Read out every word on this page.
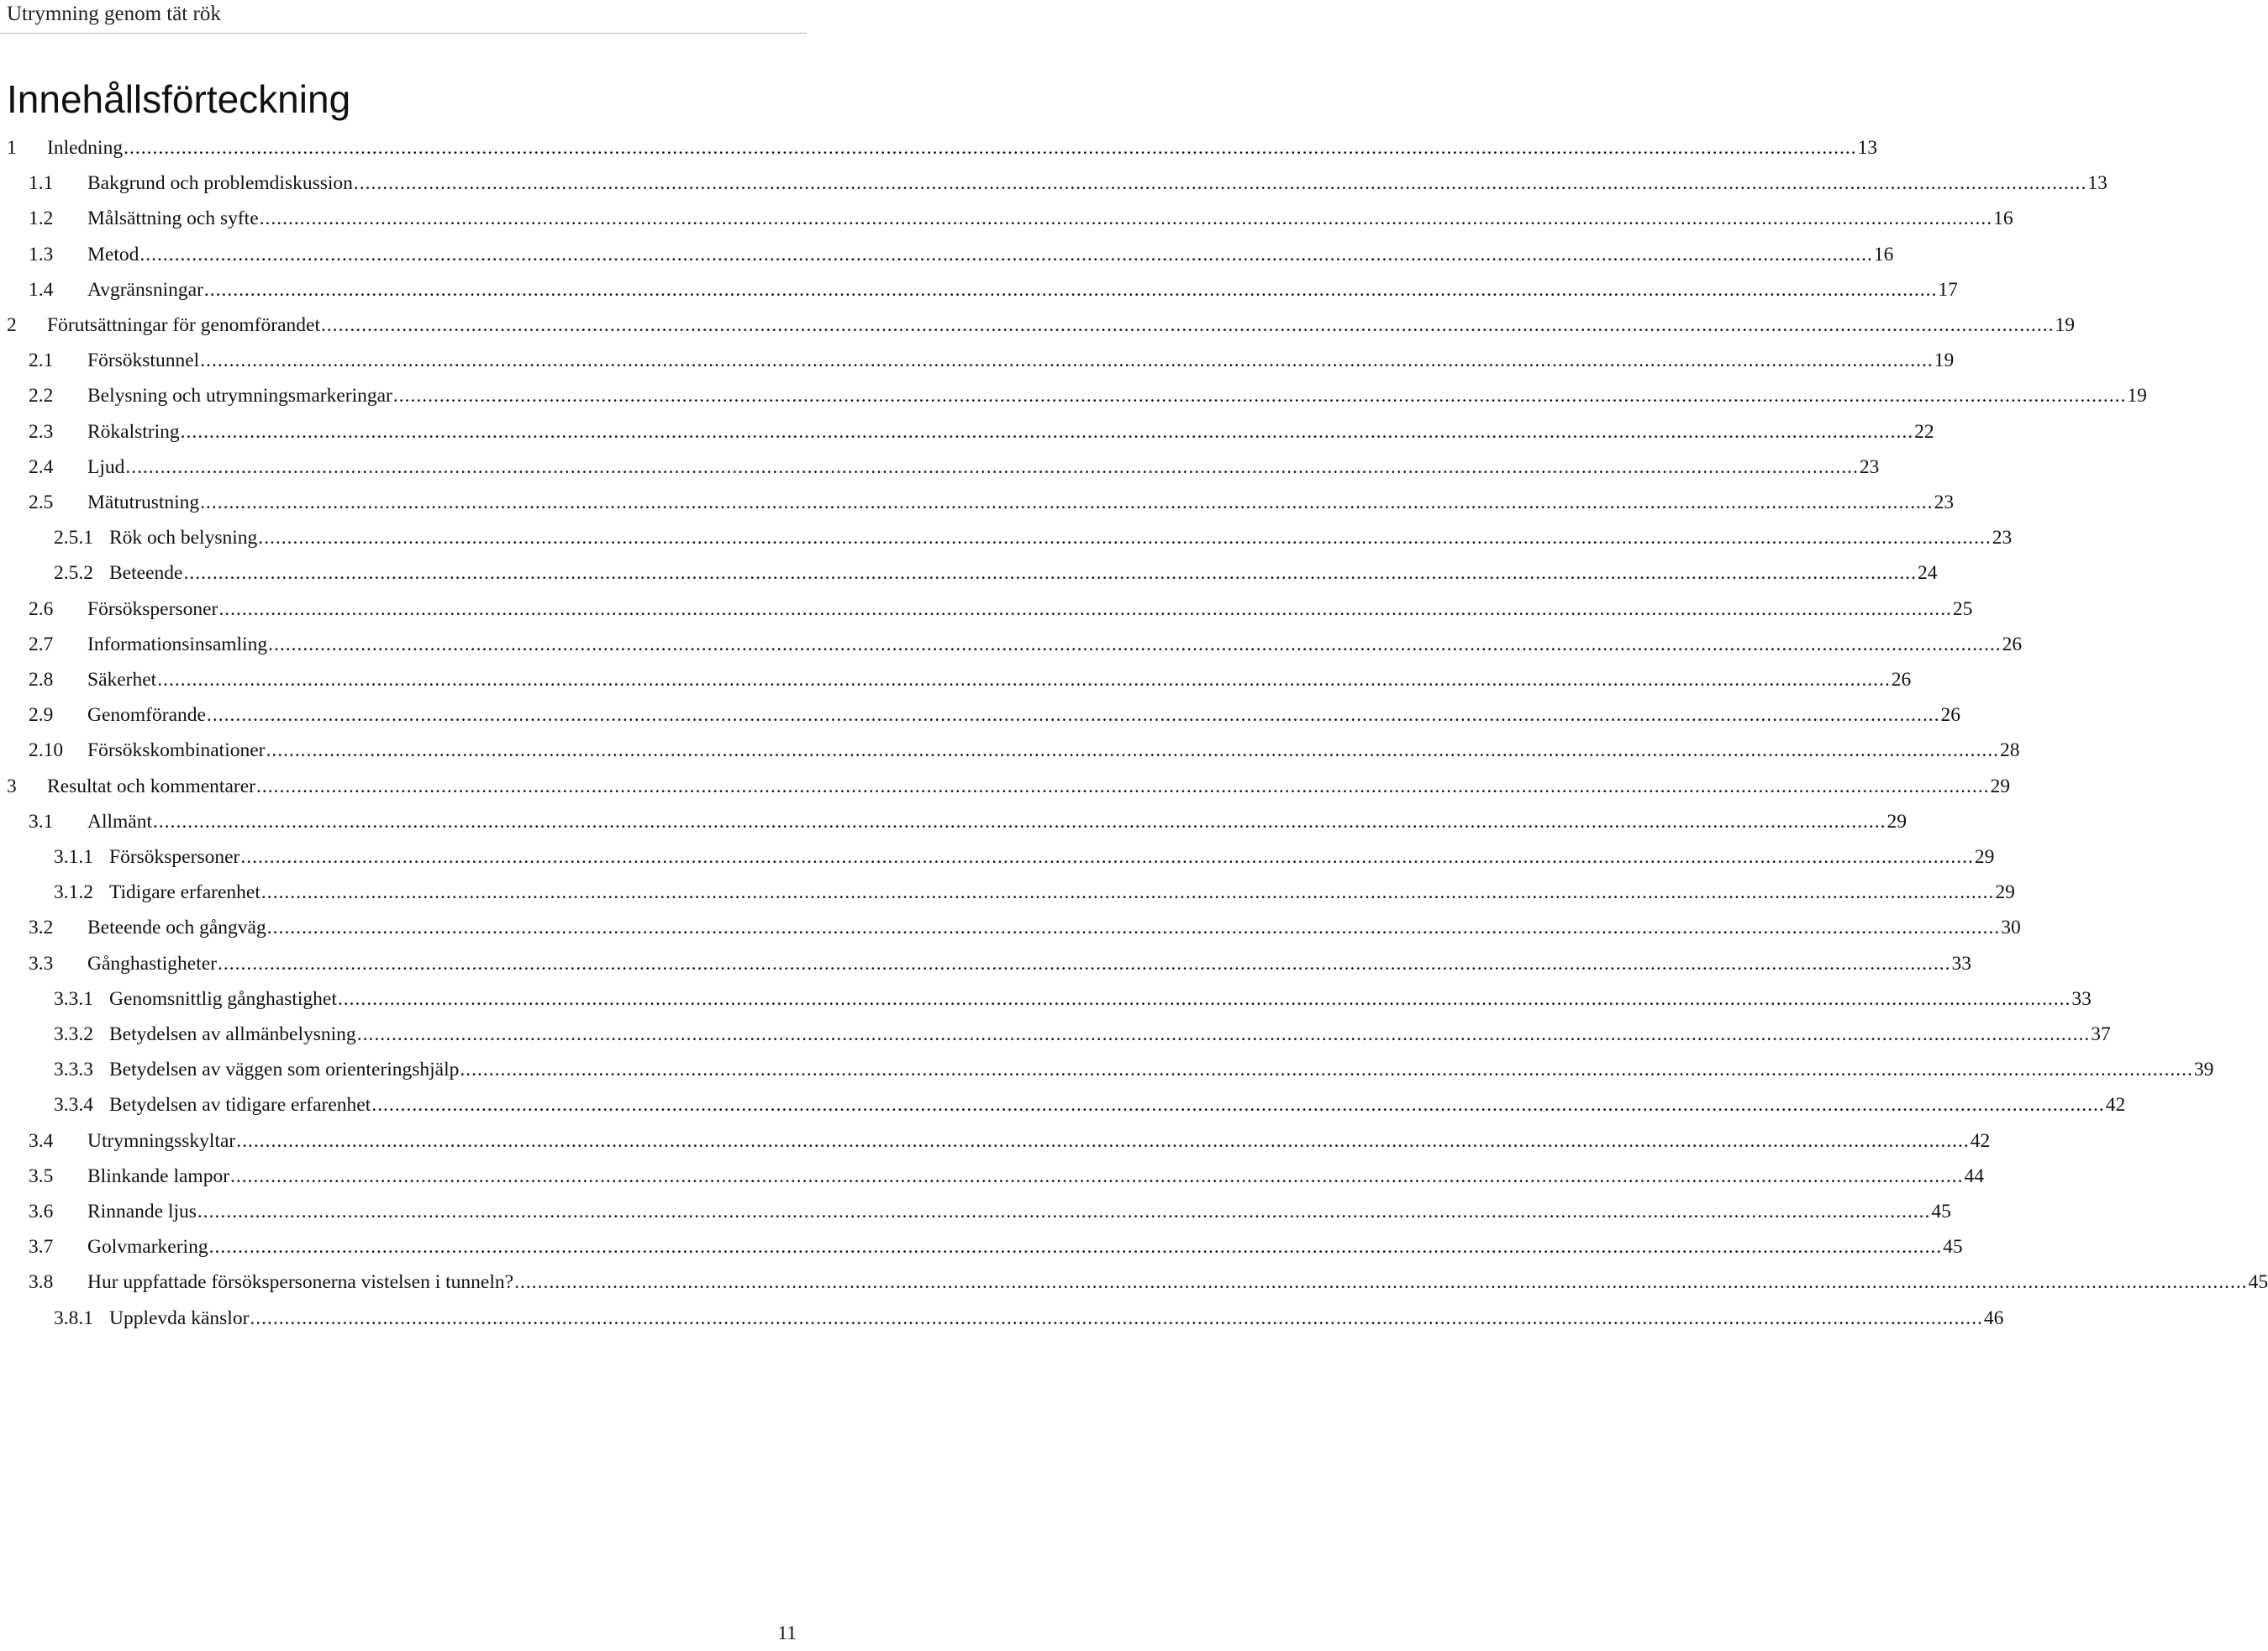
Utrymning genom tät rök
Innehållsförteckning
1	Inledning ............................................................................................................................................................................................................................................................................................................ 13
1.1	Bakgrund och problemdiskussion ............................................................................................................................................................................................................................................................................................................ 13
1.2	Målsättning och syfte ............................................................................................................................................................................................................................................................................................................ 16
1.3	Metod ............................................................................................................................................................................................................................................................................................................ 16
1.4	Avgränsningar ............................................................................................................................................................................................................................................................................................................ 17
2	Förutsättningar för genomförandet ............................................................................................................................................................................................................................................................................................................ 19
2.1	Försökstunnel ............................................................................................................................................................................................................................................................................................................ 19
2.2	Belysning och utrymningsmarkeringar ............................................................................................................................................................................................................................................................................................................ 19
2.3	Rökalstring ............................................................................................................................................................................................................................................................................................................ 22
2.4	Ljud ............................................................................................................................................................................................................................................................................................................ 23
2.5	Mätutrustning ............................................................................................................................................................................................................................................................................................................ 23
2.5.1 Rök och belysning ............................................................................................................................................................................................................................................................................................................ 23
2.5.2 Beteende ............................................................................................................................................................................................................................................................................................................ 24
2.6	Försökspersoner ............................................................................................................................................................................................................................................................................................................ 25
2.7	Informationsinsamling ............................................................................................................................................................................................................................................................................................................ 26
2.8	Säkerhet ............................................................................................................................................................................................................................................................................................................ 26
2.9	Genomförande ............................................................................................................................................................................................................................................................................................................ 26
2.10	Försökskombinationer ............................................................................................................................................................................................................................................................................................................ 28
3	Resultat och kommentarer ............................................................................................................................................................................................................................................................................................................ 29
3.1	Allmänt ............................................................................................................................................................................................................................................................................................................ 29
3.1.1 Försökspersoner ............................................................................................................................................................................................................................................................................................................ 29
3.1.2 Tidigare erfarenhet ............................................................................................................................................................................................................................................................................................................ 29
3.2	Beteende och gångväg ............................................................................................................................................................................................................................................................................................................ 30
3.3	Gånghastigheter ............................................................................................................................................................................................................................................................................................................ 33
3.3.1 Genomsnittlig gånghastighet ............................................................................................................................................................................................................................................................................................................ 33
3.3.2 Betydelsen av allmänbelysning ............................................................................................................................................................................................................................................................................................................ 37
3.3.3 Betydelsen av väggen som orienteringshjälp ............................................................................................................................................................................................................................................................................................................ 39
3.3.4 Betydelsen av tidigare erfarenhet ............................................................................................................................................................................................................................................................................................................ 42
3.4	Utrymningsskyltar ............................................................................................................................................................................................................................................................................................................ 42
3.5	Blinkande lampor ............................................................................................................................................................................................................................................................................................................ 44
3.6	Rinnande ljus ............................................................................................................................................................................................................................................................................................................ 45
3.7	Golvmarkering ............................................................................................................................................................................................................................................................................................................ 45
3.8	Hur uppfattade försökspersonerna vistelsen i tunneln? ............................................................................................................................................................................................................................................................................................................ 45
3.8.1 Upplevda känslor ............................................................................................................................................................................................................................................................................................................ 46
11
